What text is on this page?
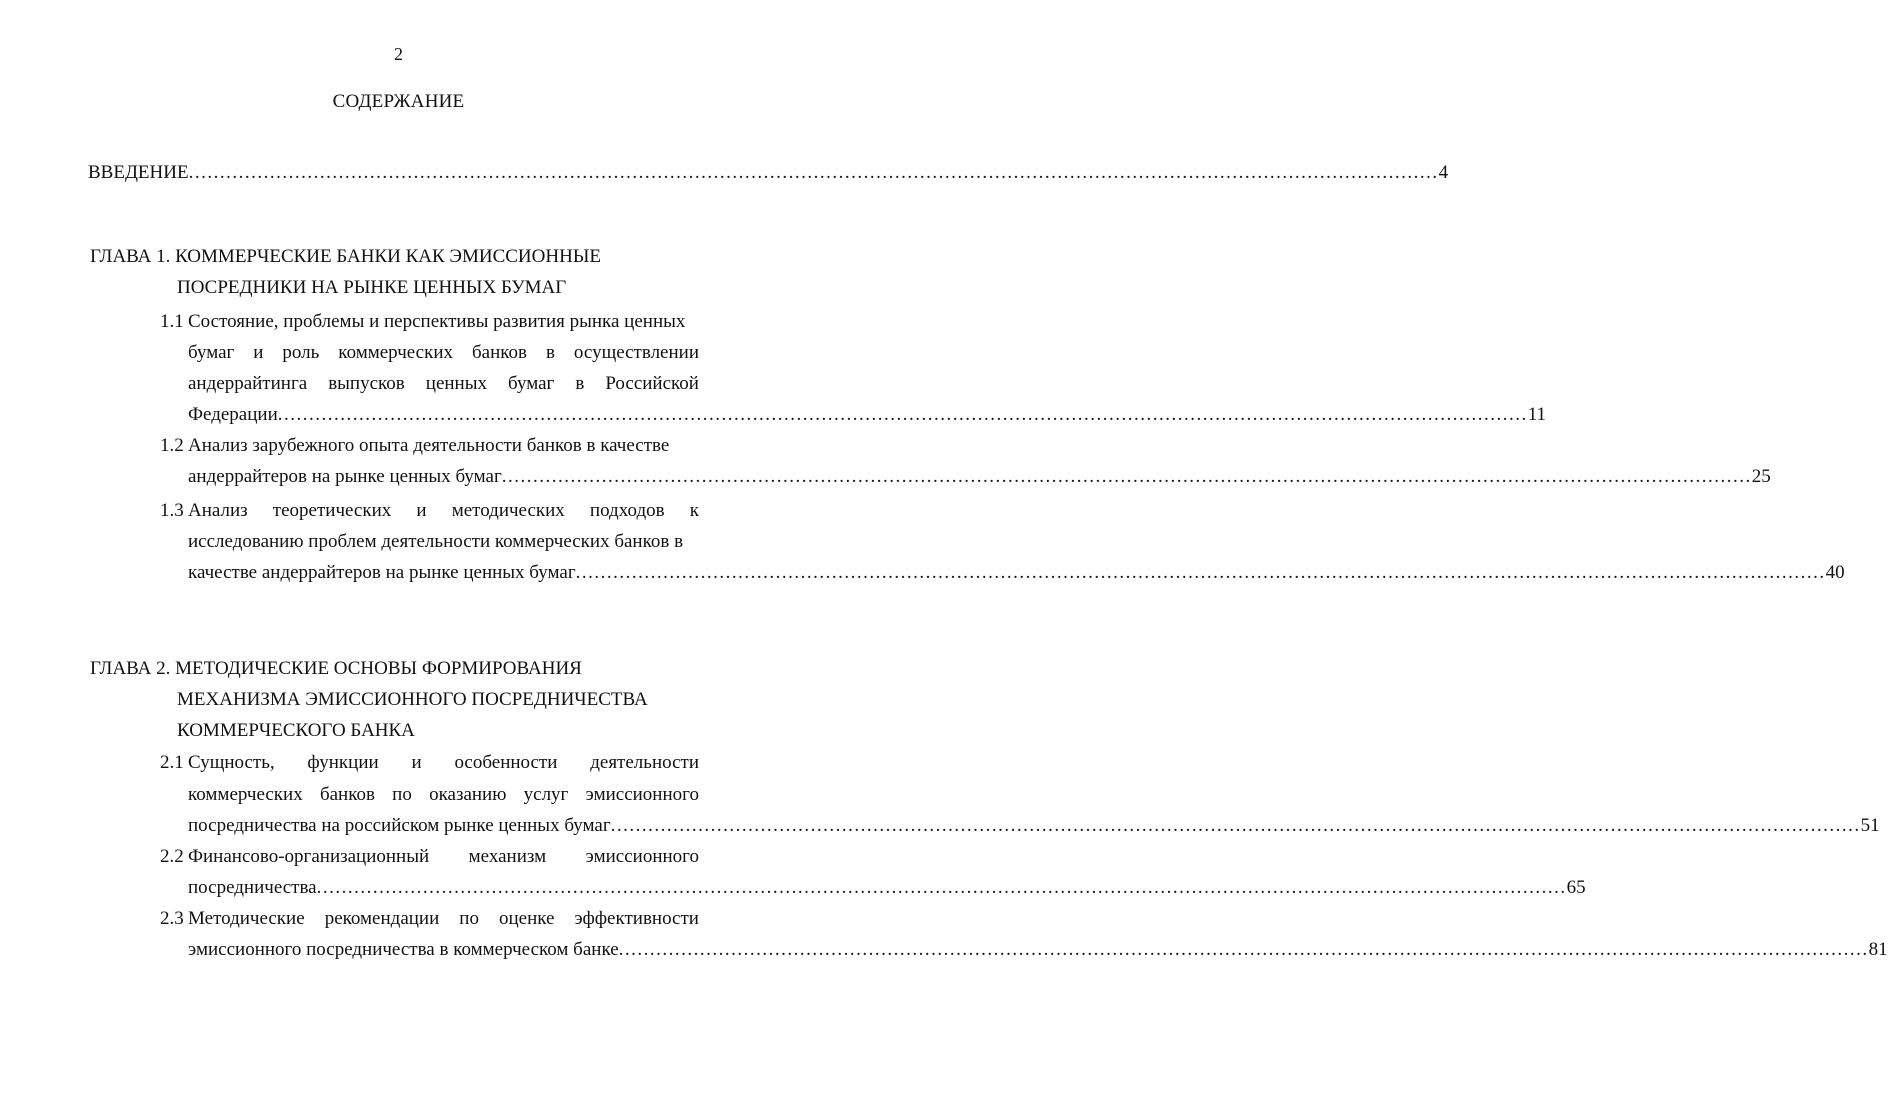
2
СОДЕРЖАНИЕ
ВВЕДЕНИЕ ........................................................................................................................................................................................................ 4
ГЛАВА 1. КОММЕРЧЕСКИЕ БАНКИ КАК ЭМИССИОННЫЕ
ПОСРЕДНИКИ НА РЫНКЕ ЦЕННЫХ БУМАГ
1.1 Состояние, проблемы и перспективы развития рынка ценных
бумаг и роль коммерческих банков в осуществлении
андеррайтинга выпусков ценных бумаг в Российской
Федерации ........................................................................................................................................................................................................ 11
1.2 Анализ зарубежного опыта деятельности банков в качестве
андеррайтеров на рынке ценных бумаг ........................................................................................................................................................................................................ 25
1.3 Анализ теоретических и методических подходов к
исследованию проблем деятельности коммерческих банков в
качестве андеррайтеров на рынке ценных бумаг ........................................................................................................................................................................................................ 40
ГЛАВА 2. МЕТОДИЧЕСКИЕ ОСНОВЫ ФОРМИРОВАНИЯ
МЕХАНИЗМА ЭМИССИОННОГО ПОСРЕДНИЧЕСТВА
КОММЕРЧЕСКОГО БАНКА
2.1 Сущность, функции и особенности деятельности
коммерческих банков по оказанию услуг эмиссионного
посредничества на российском рынке ценных бумаг ........................................................................................................................................................................................................ 51
2.2 Финансово-организационный механизм эмиссионного
посредничества ........................................................................................................................................................................................................ 65
2.3 Методические рекомендации по оценке эффективности
эмиссионного посредничества в коммерческом банке ........................................................................................................................................................................................................ 81
